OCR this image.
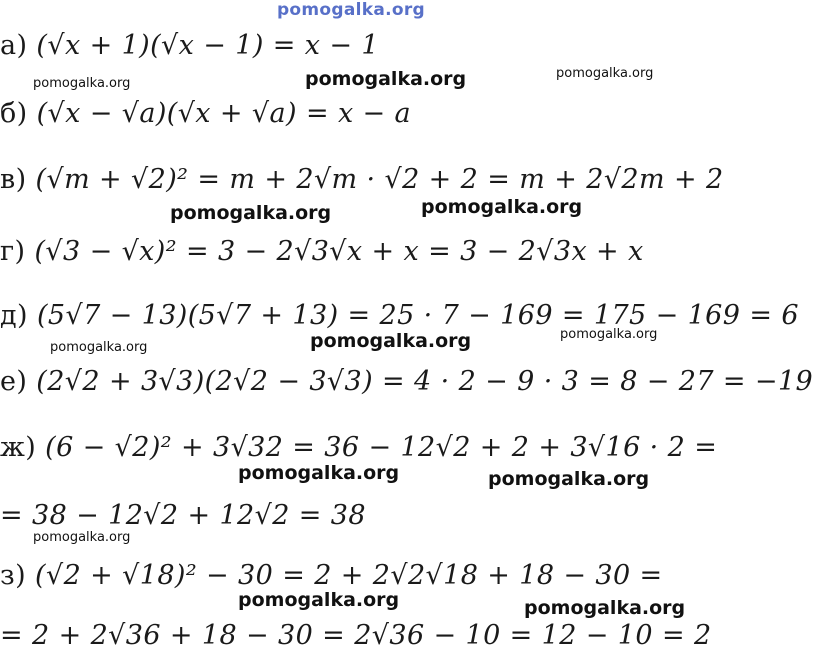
pomogalka.org
а) (√x + 1)(√x − 1) = x − 1
б) (√x − √a)(√x + √a) = x − a
в) (√m + √2)² = m + 2√m · √2 + 2 = m + 2√2m + 2
г) (√3 − √x)² = 3 − 2√3√x + x = 3 − 2√3x + x
д) (5√7 − 13)(5√7 + 13) = 25 · 7 − 169 = 175 − 169 = 6
е) (2√2 + 3√3)(2√2 − 3√3) = 4 · 2 − 9 · 3 = 8 − 27 = −19
ж) (6 − √2)² + 3√32 = 36 − 12√2 + 2 + 3√16 · 2 =
= 38 − 12√2 + 12√2 = 38
з) (√2 + √18)² − 30 = 2 + 2√2√18 + 18 − 30 =
= 2 + 2√36 + 18 − 30 = 2√36 − 10 = 12 − 10 = 2
pomogalka.org	pomogalka.org
pomogalka.org
pomogalka.org	pomogalka.org
pomogalka.org
pomogalka.org
pomogalka.org
pomogalka.org	pomogalka.org
pomogalka.org
pomogalka.org	pomogalka.org
